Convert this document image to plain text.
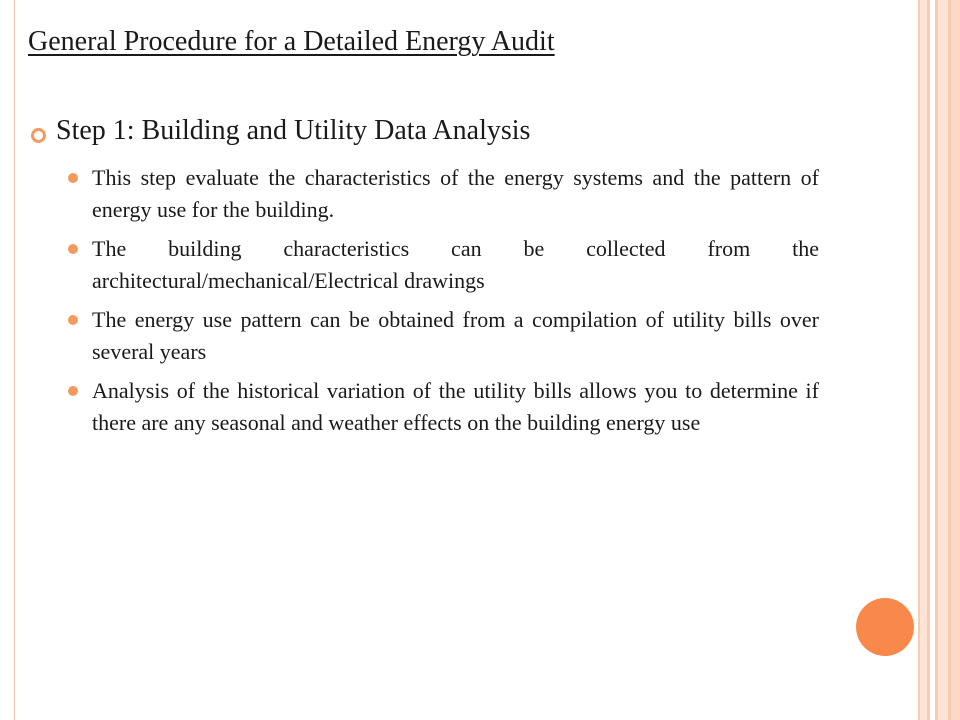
General Procedure for a Detailed Energy Audit
Step 1: Building and Utility Data Analysis
This step evaluate the characteristics of the energy systems and the pattern of energy use for the building.
The building characteristics can be collected from the architectural/mechanical/Electrical drawings
The energy use pattern can be obtained from a compilation of utility bills over several years
Analysis of the historical variation of the utility bills allows you to determine if there are any seasonal and weather effects on the building energy use
